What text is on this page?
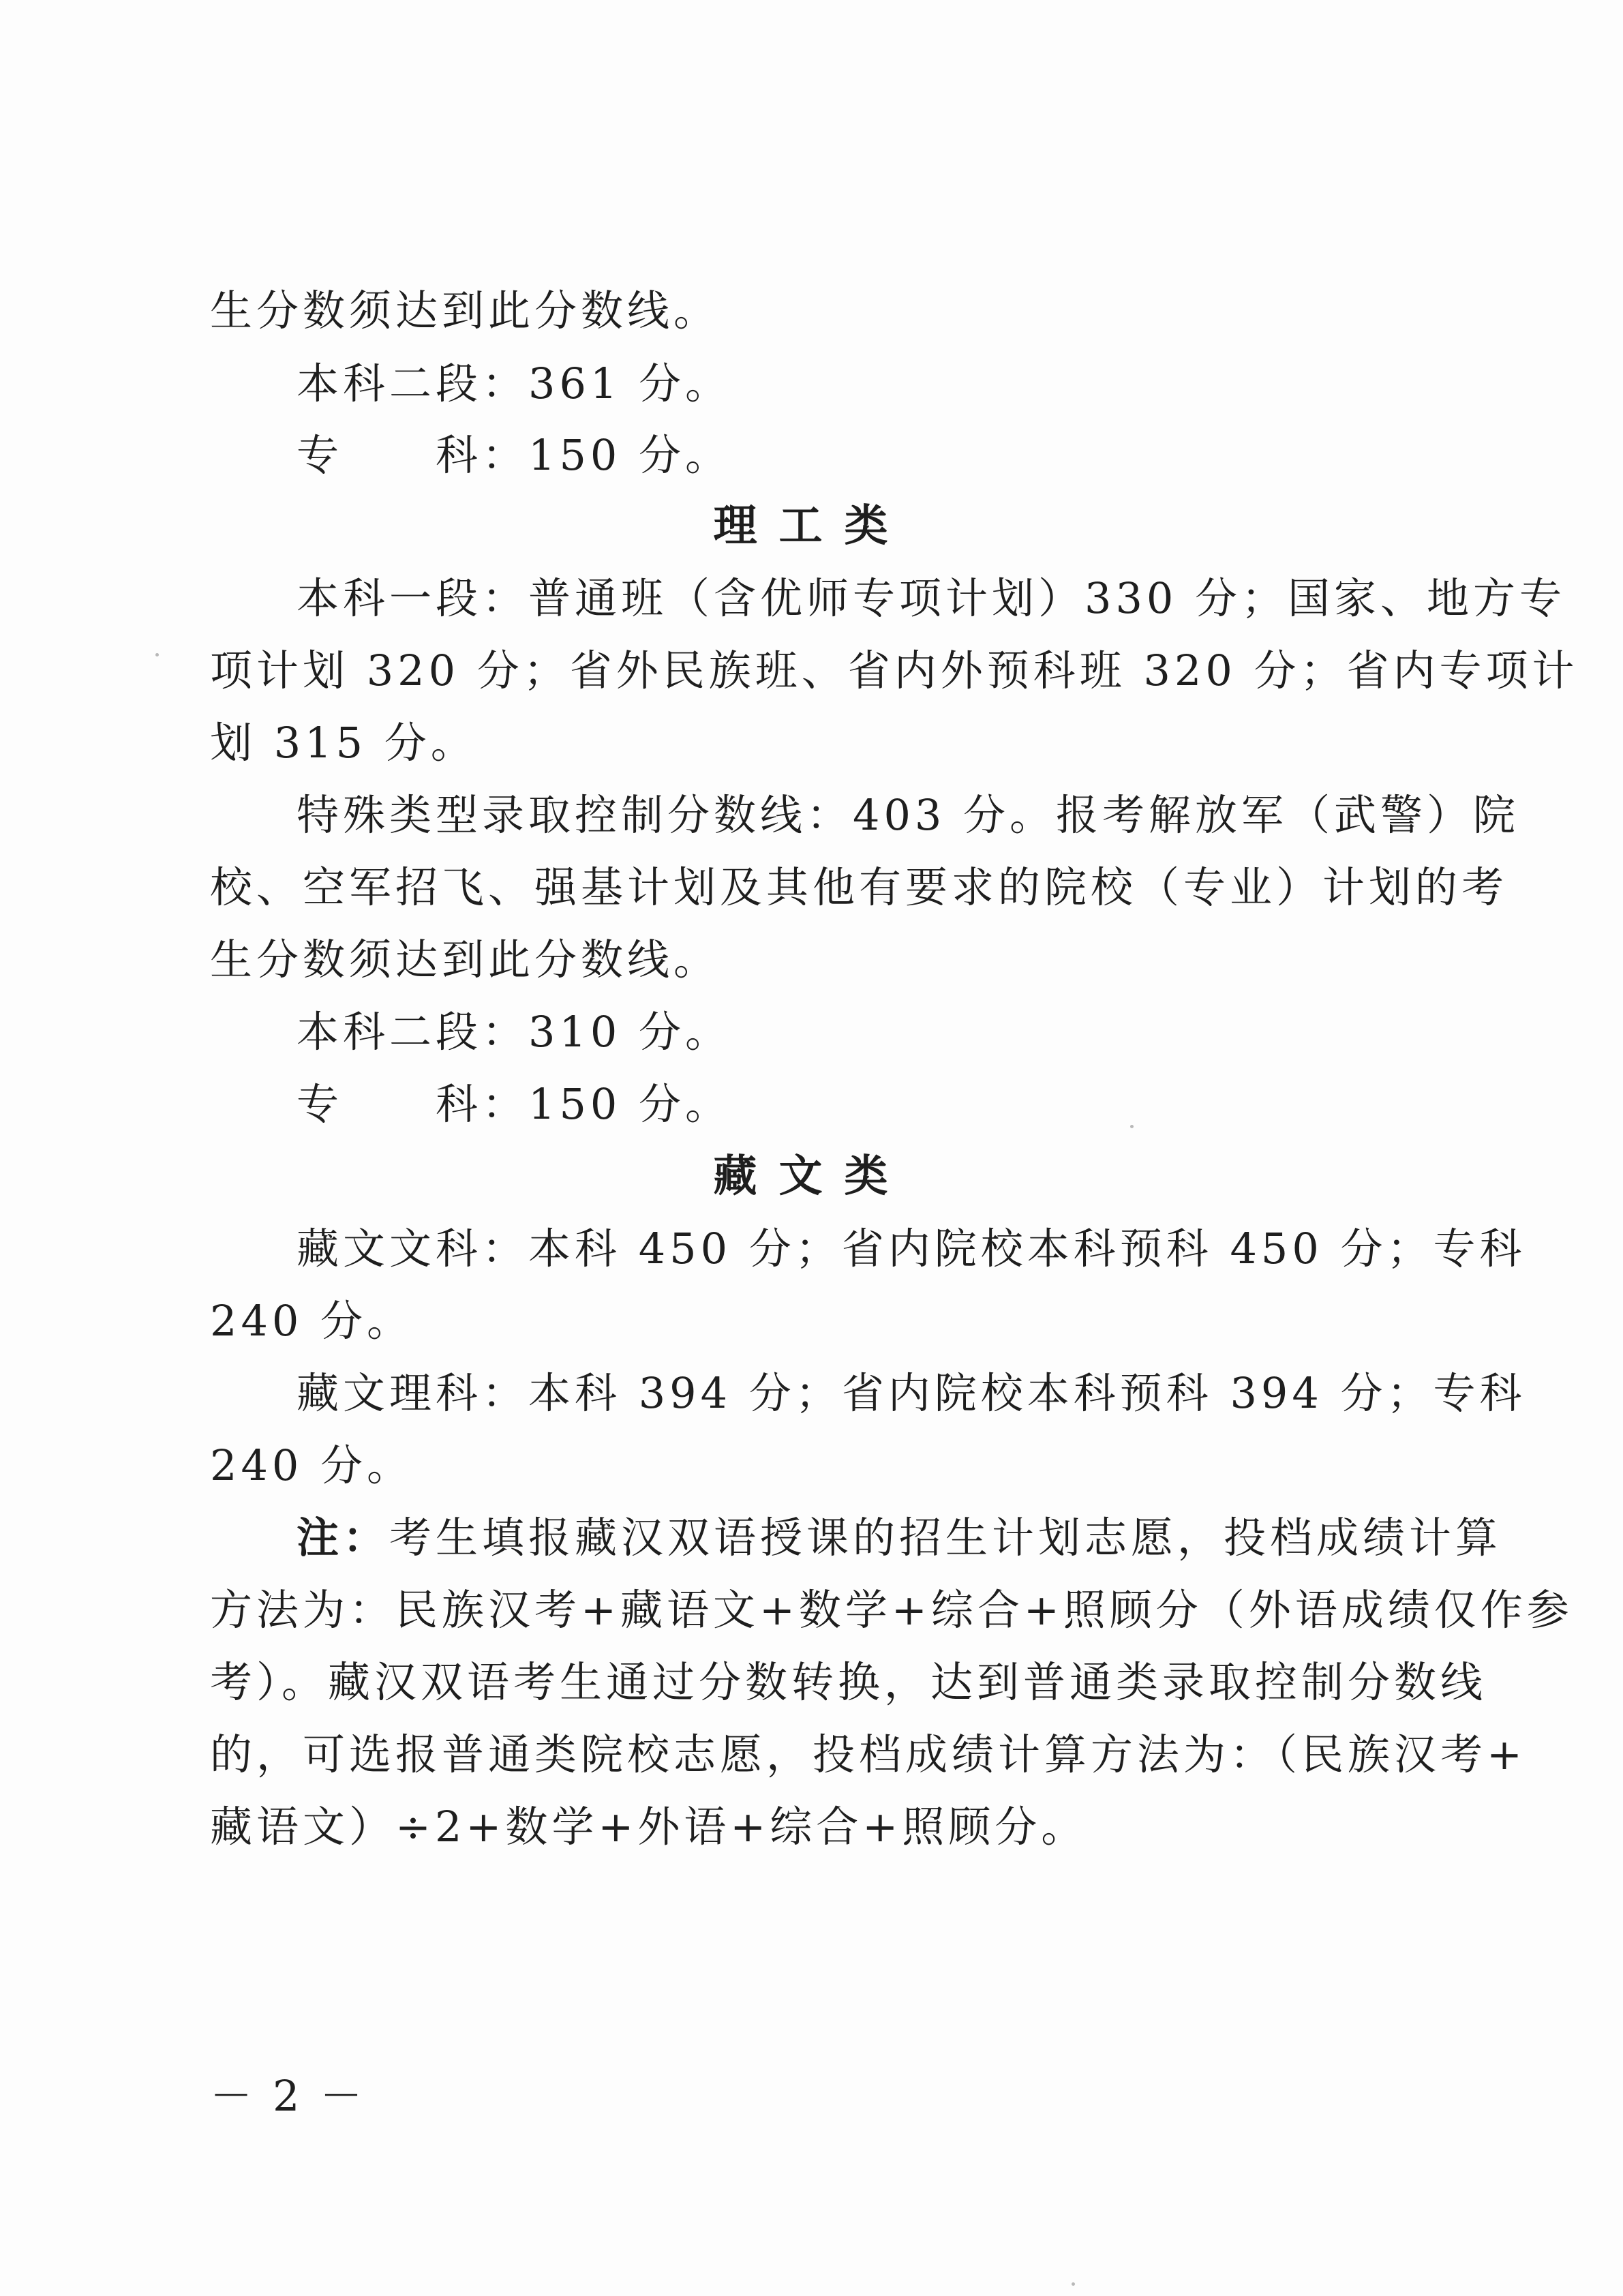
生分数须达到此分数线。
本科二段：361 分。
专　　科：150 分。
理工类
本科一段：普通班（含优师专项计划）330 分；国家、地方专
项计划 320 分；省外民族班、省内外预科班 320 分；省内专项计
划 315 分。
特殊类型录取控制分数线：403 分。报考解放军（武警）院
校、空军招飞、强基计划及其他有要求的院校（专业）计划的考
生分数须达到此分数线。
本科二段：310 分。
专　　科：150 分。
藏文类
藏文文科：本科 450 分；省内院校本科预科 450 分；专科
240 分。
藏文理科：本科 394 分；省内院校本科预科 394 分；专科
240 分。
注：考生填报藏汉双语授课的招生计划志愿，投档成绩计算
方法为：民族汉考+藏语文+数学+综合+照顾分（外语成绩仅作参
考）。藏汉双语考生通过分数转换，达到普通类录取控制分数线
的，可选报普通类院校志愿，投档成绩计算方法为：（民族汉考+
藏语文）÷2+数学+外语+综合+照顾分。
－2－
